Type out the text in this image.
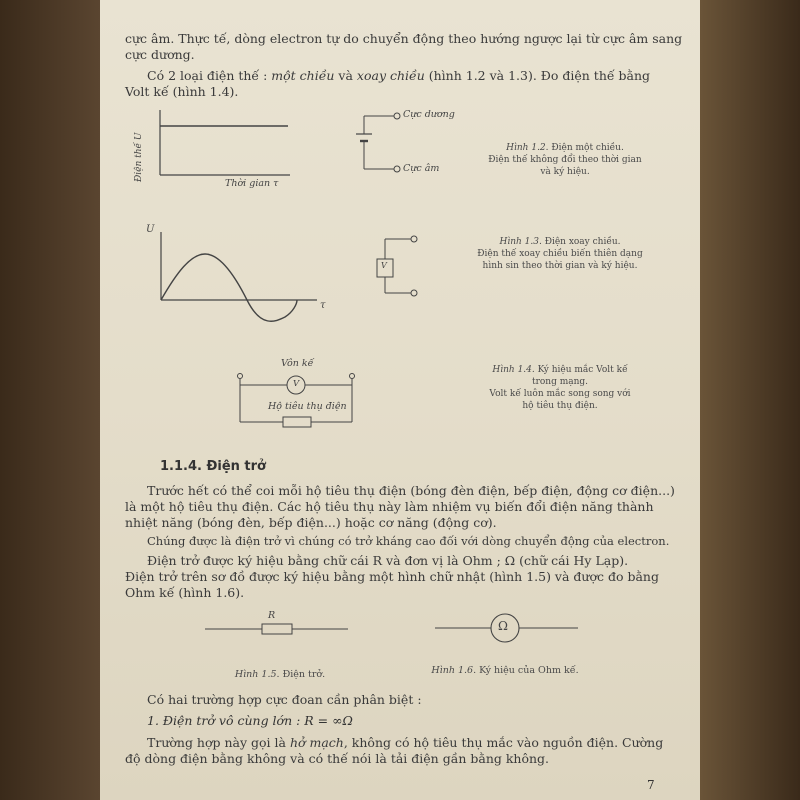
cực âm. Thực tế, dòng electron tự do chuyển động theo hướng ngược lại từ cực âm sang

cực dương.

Có 2 loại điện thế : một chiều và xoay chiều (hình 1.2 và 1.3). Đo điện thế bằng

Volt kế (hình 1.4).

Điện thế U
Thời gian τ
Cực dương
Cực âm
Hình 1.2. Điện một chiều.
Điện thế không đổi theo thời gian
và ký hiệu.
U
τ
V
Hình 1.3. Điện xoay chiều.
Điện thế xoay chiều biến thiên dạng
hình sin theo thời gian và ký hiệu.
Vôn kế
V
Hộ tiêu thụ điện
Hình 1.4. Ký hiệu mắc Volt kế
trong mạng.
Volt kế luôn mắc song song với
hộ tiêu thụ điện.
1.1.4. Điện trở

Trước hết có thể coi mỗi hộ tiêu thụ điện (bóng đèn điện, bếp điện, động cơ điện...)

là một hộ tiêu thụ điện. Các hộ tiêu thụ này làm nhiệm vụ biến đổi điện năng thành

nhiệt năng (bóng đèn, bếp điện...) hoặc cơ năng (động cơ).

Chúng được là điện trở vì chúng có trở kháng cao đối với dòng chuyển động của electron.

Điện trở được ký hiệu bằng chữ cái R và đơn vị là Ohm ; Ω (chữ cái Hy Lạp).

Điện trở trên sơ đồ được ký hiệu bằng một hình chữ nhật (hình 1.5) và được đo bằng

Ohm kế (hình 1.6).

R
Hình 1.5. Điện trở.
Ω
Hình 1.6. Ký hiệu của Ohm kế.

Có hai trường hợp cực đoan cần phân biệt :

1. Điện trở vô cùng lớn : R = ∞Ω

Trường hợp này gọi là hở mạch, không có hộ tiêu thụ mắc vào nguồn điện. Cường

độ dòng điện bằng không và có thế nói là tải điện gần bằng không.

7
